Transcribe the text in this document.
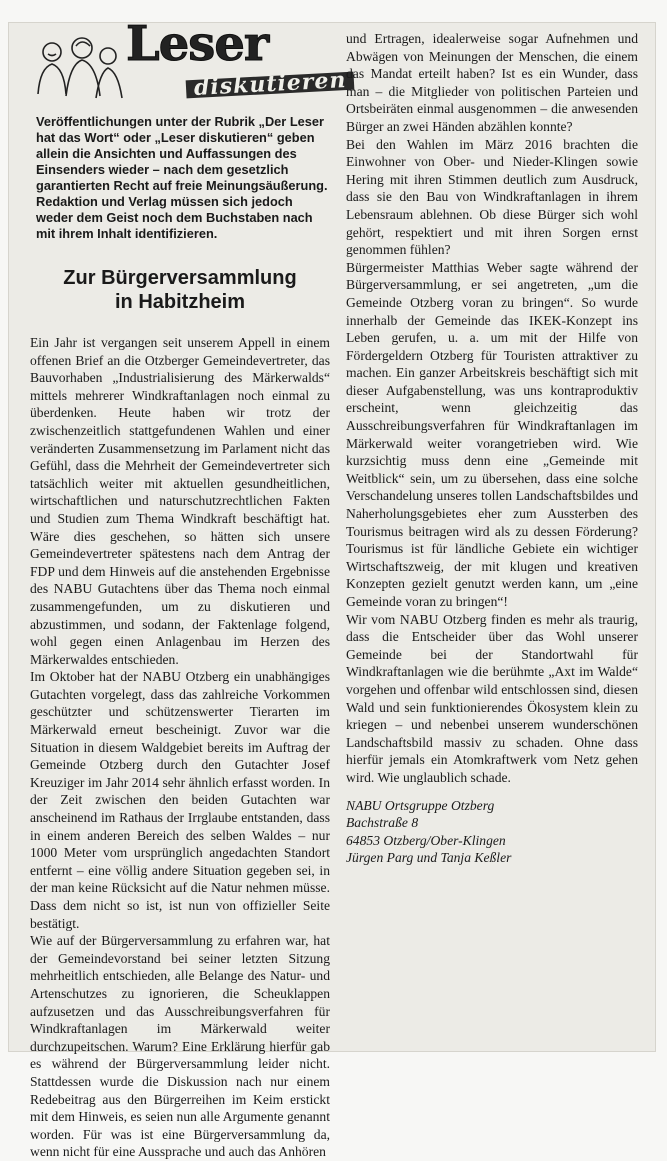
Leser
diskutieren

Veröffentlichungen unter der Rubrik „Der Leser hat das Wort“ oder „Leser diskutieren“ geben allein die Ansichten und Auffassungen des Einsenders wieder – nach dem gesetzlich garantierten Recht auf freie Meinungsäußerung. Redaktion und Verlag müssen sich jedoch weder dem Geist noch dem Buchstaben nach mit ihrem Inhalt identifizieren.

Zur Bürgerversammlung
in Habitzheim

Ein Jahr ist vergangen seit unserem Appell in einem offenen Brief an die Otzberger Gemeindevertreter, das Bauvorhaben „Industrialisierung des Märkerwalds“ mittels mehrerer Windkraftanlagen noch einmal zu überdenken. Heute haben wir trotz der zwischenzeitlich stattgefundenen Wahlen und einer veränderten Zusammensetzung im Parlament nicht das Gefühl, dass die Mehrheit der Gemeindevertreter sich tatsächlich weiter mit aktuellen gesundheitlichen, wirtschaftlichen und naturschutzrechtlichen Fakten und Studien zum Thema Windkraft beschäftigt hat. Wäre dies geschehen, so hätten sich unsere Gemeindevertreter spätestens nach dem Antrag der FDP und dem Hinweis auf die anstehenden Ergebnisse des NABU Gutachtens über das Thema noch einmal zusammengefunden, um zu diskutieren und abzustimmen, und sodann, der Faktenlage folgend, wohl gegen einen Anlagenbau im Herzen des Märkerwaldes entschieden.

Im Oktober hat der NABU Otzberg ein unabhängiges Gutachten vorgelegt, dass das zahlreiche Vorkommen geschützter und schützenswerter Tierarten im Märkerwald erneut bescheinigt. Zuvor war die Situation in diesem Waldgebiet bereits im Auftrag der Gemeinde Otzberg durch den Gutachter Josef Kreuziger im Jahr 2014 sehr ähnlich erfasst worden. In der Zeit zwischen den beiden Gutachten war anscheinend im Rathaus der Irrglaube entstanden, dass in einem anderen Bereich des selben Waldes – nur 1000 Meter vom ursprünglich angedachten Standort entfernt – eine völlig andere Situation gegeben sei, in der man keine Rücksicht auf die Natur nehmen müsse. Dass dem nicht so ist, ist nun von offizieller Seite bestätigt.

Wie auf der Bürgerversammlung zu erfahren war, hat der Gemeindevorstand bei seiner letzten Sitzung mehrheitlich entschieden, alle Belange des Natur- und Artenschutzes zu ignorieren, die Scheuklappen aufzusetzen und das Ausschreibungsverfahren für Windkraftanlagen im Märkerwald weiter durchzupeitschen. Warum? Eine Erklärung hierfür gab es während der Bürgerversammlung leider nicht. Stattdessen wurde die Diskussion nach nur einem Redebeitrag aus den Bürgerreihen im Keim erstickt mit dem Hinweis, es seien nun alle Argumente genannt worden. Für was ist eine Bürgerversammlung da, wenn nicht für eine Aussprache und auch das Anhören

und Ertragen, idealerweise sogar Aufnehmen und Abwägen von Meinungen der Menschen, die einem das Mandat erteilt haben? Ist es ein Wunder, dass man – die Mitglieder von politischen Parteien und Ortsbeiräten einmal ausgenommen – die anwesenden Bürger an zwei Händen abzählen konnte?

Bei den Wahlen im März 2016 brachten die Einwohner von Ober- und Nieder-Klingen sowie Hering mit ihren Stimmen deutlich zum Ausdruck, dass sie den Bau von Windkraftanlagen in ihrem Lebensraum ablehnen. Ob diese Bürger sich wohl gehört, respektiert und mit ihren Sorgen ernst genommen fühlen?

Bürgermeister Matthias Weber sagte während der Bürgerversammlung, er sei angetreten, „um die Gemeinde Otzberg voran zu bringen“. So wurde innerhalb der Gemeinde das IKEK-Konzept ins Leben gerufen, u. a. um mit der Hilfe von Fördergeldern Otzberg für Touristen attraktiver zu machen. Ein ganzer Arbeitskreis beschäftigt sich mit dieser Aufgabenstellung, was uns kontraproduktiv erscheint, wenn gleichzeitig das Ausschreibungsverfahren für Windkraftanlagen im Märkerwald weiter vorangetrieben wird. Wie kurzsichtig muss denn eine „Gemeinde mit Weitblick“ sein, um zu übersehen, dass eine solche Verschandelung unseres tollen Landschaftsbildes und Naherholungsgebietes eher zum Aussterben des Tourismus beitragen wird als zu dessen Förderung? Tourismus ist für ländliche Gebiete ein wichtiger Wirtschaftszweig, der mit klugen und kreativen Konzepten gezielt genutzt werden kann, um „eine Gemeinde voran zu bringen“!

Wir vom NABU Otzberg finden es mehr als traurig, dass die Entscheider über das Wohl unserer Gemeinde bei der Standortwahl für Windkraftanlagen wie die berühmte „Axt im Walde“ vorgehen und offenbar wild entschlossen sind, diesen Wald und sein funktionierendes Ökosystem klein zu kriegen – und nebenbei unserem wunderschönen Landschaftsbild massiv zu schaden. Ohne dass hierfür jemals ein Atomkraftwerk vom Netz gehen wird. Wie unglaublich schade.

NABU Ortsgruppe Otzberg

Bachstraße 8

64853 Otzberg/Ober-Klingen

Jürgen Parg und Tanja Keßler
